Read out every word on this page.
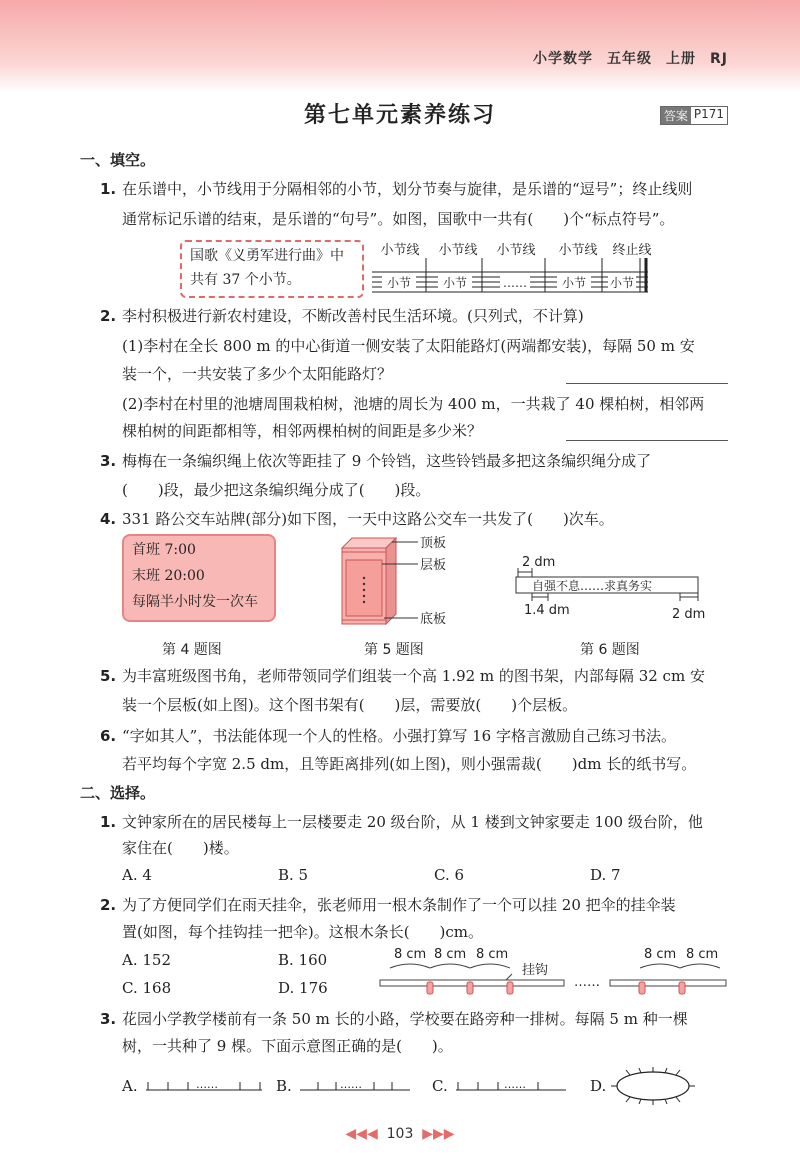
小学数学 五年级 上册 RJ
第七单元素养练习	答案 P171
一、填空。
1. 在乐谱中，小节线用于分隔相邻的小节，划分节奏与旋律，是乐谱的“逗号”；终止线则
通常标记乐谱的结束，是乐谱的“句号”。如图，国歌中一共有(　　)个“标点符号”。
国歌《义勇军进行曲》中
共有 37 个小节。
小节线 小节线 小节线 小节线 终止线
小节	小节	……	小节 小节
2. 李村积极进行新农村建设，不断改善村民生活环境。(只列式，不计算)
(1)李村在全长 800 m 的中心街道一侧安装了太阳能路灯(两端都安装)，每隔 50 m 安
装一个，一共安装了多少个太阳能路灯？
(2)李村在村里的池塘周围栽柏树，池塘的周长为 400 m，一共栽了 40 棵柏树，相邻两
棵柏树的间距都相等，相邻两棵柏树的间距是多少米？
3. 梅梅在一条编织绳上依次等距挂了 9 个铃铛，这些铃铛最多把这条编织绳分成了
(　　)段，最少把这条编织绳分成了(　　)段。
4. 331 路公交车站牌(部分)如下图，一天中这路公交车一共发了(　　)次车。
首班 7:00
末班 20:00
每隔半小时发一次车
顶板
层板
底板
2 dm
1.4 dm	2 dm
自强不息……求真务实
第 4 题图	第 5 题图	第 6 题图
5. 为丰富班级图书角，老师带领同学们组装一个高 1.92 m 的图书架，内部每隔 32 cm 安
装一个层板(如上图)。这个图书架有(　　)层，需要放(　　)个层板。
6. “字如其人”，书法能体现一个人的性格。小强打算写 16 字格言激励自己练习书法。
若平均每个字宽 2.5 dm，且等距离排列(如上图)，则小强需裁(　　)dm 长的纸书写。
二、选择。
1. 文钟家所在的居民楼每上一层楼要走 20 级台阶，从 1 楼到文钟家要走 100 级台阶，他
家住在(　　)楼。
A. 4	B. 5	C. 6	D. 7
2. 为了方便同学们在雨天挂伞，张老师用一根木条制作了一个可以挂 20 把伞的挂伞装
置(如图，每个挂钩挂一把伞)。这根木条长(　　)cm。
A. 152	B. 160
C. 168	D. 176
8 cm 8 cm 8 cm	8 cm 8 cm
挂钩
……
3. 花园小学教学楼前有一条 50 m 长的小路，学校要在路旁种一排树。每隔 5 m 种一棵
树，一共种了 9 棵。下面示意图正确的是(　　)。
A.	……	B.	……	C.	……	D.
◀◀◀ 103 ▶▶▶
